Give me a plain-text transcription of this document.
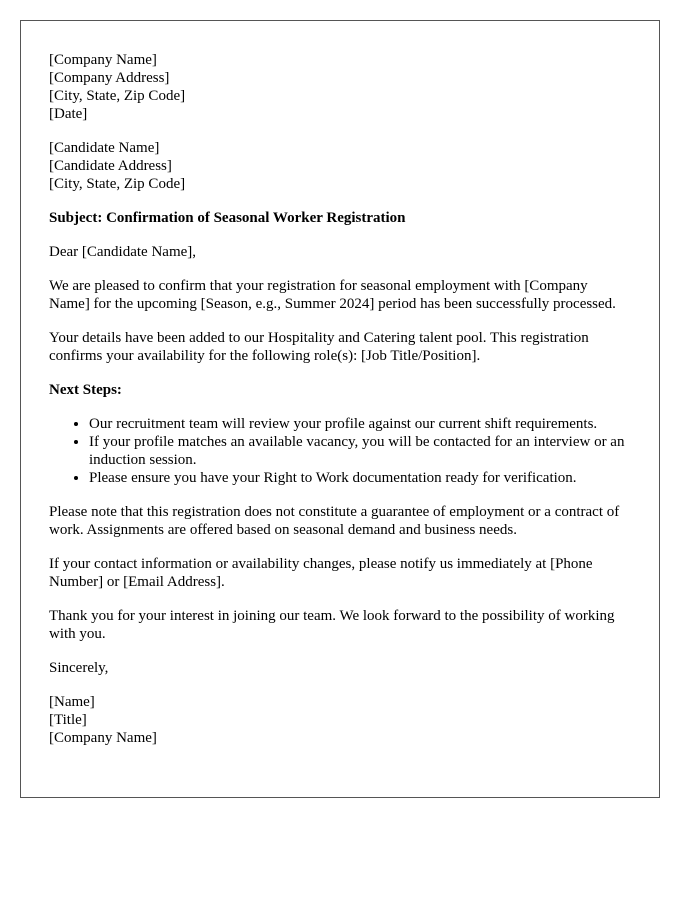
[Company Name]

[Company Address]

[City, State, Zip Code]

[Date]

[Candidate Name]

[Candidate Address]

[City, State, Zip Code]

Subject: Confirmation of Seasonal Worker Registration

Dear [Candidate Name],

We are pleased to confirm that your registration for seasonal employment with [Company Name] for the upcoming [Season, e.g., Summer 2024] period has been successfully processed.

Your details have been added to our Hospitality and Catering talent pool. This registration confirms your availability for the following role(s): [Job Title/Position].

Next Steps:

• Our recruitment team will review your profile against our current shift requirements.
• If your profile matches an available vacancy, you will be contacted for an interview or an induction session.
• Please ensure you have your Right to Work documentation ready for verification.

Please note that this registration does not constitute a guarantee of employment or a contract of work. Assignments are offered based on seasonal demand and business needs.

If your contact information or availability changes, please notify us immediately at [Phone Number] or [Email Address].

Thank you for your interest in joining our team. We look forward to the possibility of working with you.

Sincerely,

[Name]

[Title]

[Company Name]
